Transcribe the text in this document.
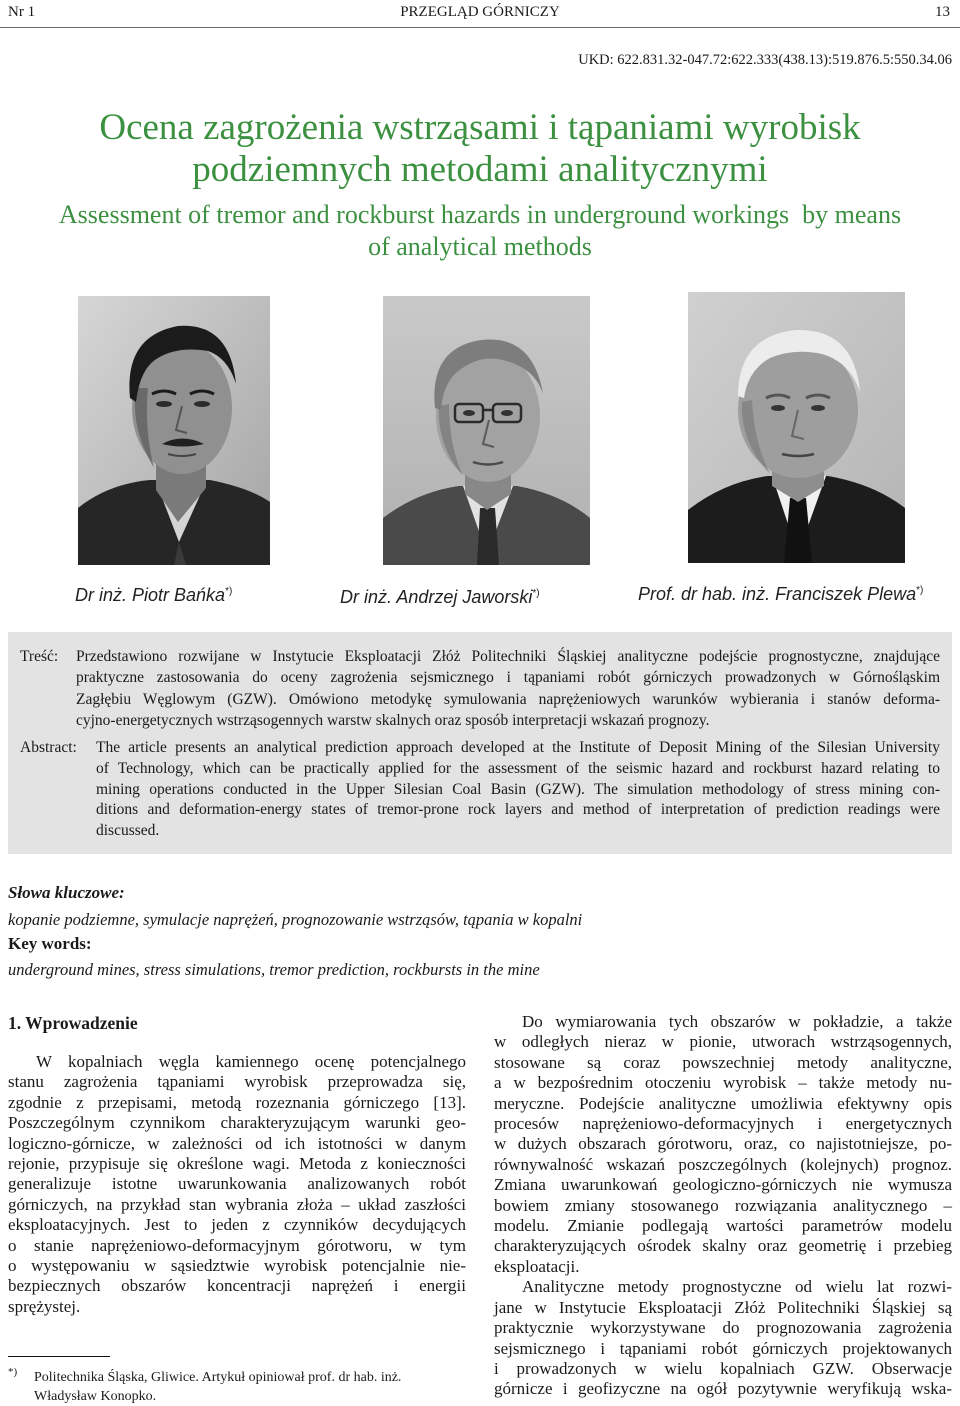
Nr 1	PRZEGLĄD GÓRNICZY	13
UKD: 622.831.32-047.72:622.333(438.13):519.876.5:550.34.06
Ocena zagrożenia wstrząsami i tąpaniami wyrobisk
podziemnych metodami analitycznymi
Assessment of tremor and rockburst hazards in underground workings  by means
of analytical methods
Dr inż. Piotr Bańka*)	Dr inż. Andrzej Jaworski*)	Prof. dr hab. inż. Franciszek Plewa*)
Treść: Przedstawiono rozwijane w Instytucie Eksploatacji Złóż Politechniki Śląskiej analityczne podejście prognostyczne, znajdujące
praktyczne zastosowania do oceny zagrożenia sejsmicznego i tąpaniami robót górniczych prowadzonych w Górnośląskim
Zagłębiu Węglowym (GZW). Omówiono metodykę symulowania naprężeniowych warunków wybierania i stanów deforma-
cyjno-energetycznych wstrząsogennych warstw skalnych oraz sposób interpretacji wskazań prognozy.
Abstract: The article presents an analytical prediction approach developed at the Institute of Deposit Mining of the Silesian University
of Technology, which can be practically applied for the assessment of the seismic hazard and rockburst hazard relating to
mining operations conducted in the Upper Silesian Coal Basin (GZW). The simulation methodology of stress mining con-
ditions and deformation-energy states of tremor-prone rock layers and method of interpretation of prediction readings were
discussed.
Słowa kluczowe:
kopanie podziemne, symulacje naprężeń, prognozowanie wstrząsów, tąpania w kopalni
Key words:
underground mines, stress simulations, tremor prediction, rockbursts in the mine
1. Wprowadzenie
W kopalniach węgla kamiennego ocenę potencjalnego
stanu zagrożenia tąpaniami wyrobisk przeprowadza się,
zgodnie z przepisami, metodą rozeznania górniczego [13].
Poszczególnym czynnikom charakteryzującym warunki geo-
logiczno-górnicze, w zależności od ich istotności w danym
rejonie, przypisuje się określone wagi. Metoda z konieczności
generalizuje istotne uwarunkowania analizowanych robót
górniczych, na przykład stan wybrania złoża – układ zaszłości
eksploatacyjnych. Jest to jeden z czynników decydujących
o stanie naprężeniowo-deformacyjnym górotworu, w tym
o występowaniu w sąsiedztwie wyrobisk potencjalnie nie-
bezpiecznych obszarów koncentracji naprężeń i energii
sprężystej.
Do wymiarowania tych obszarów w pokładzie, a także
w odległych nieraz w pionie, utworach wstrząsogennych,
stosowane są coraz powszechniej metody analityczne,
a w bezpośrednim otoczeniu wyrobisk – także metody nu-
meryczne. Podejście analityczne umożliwia efektywny opis
procesów naprężeniowo-deformacyjnych i energetycznych
w dużych obszarach górotworu, oraz, co najistotniejsze, po-
równywalność wskazań poszczególnych (kolejnych) prognoz.
Zmiana uwarunkowań geologiczno-górniczych nie wymusza
bowiem zmiany stosowanego rozwiązania analitycznego –
modelu. Zmianie podlegają wartości parametrów modelu
charakteryzujących ośrodek skalny oraz geometrię i przebieg
eksploatacji.
Analityczne metody prognostyczne od wielu lat rozwi-
jane w Instytucie Eksploatacji Złóż Politechniki Śląskiej są
praktycznie wykorzystywane do prognozowania zagrożenia
sejsmicznego i tąpaniami robót górniczych projektowanych
i prowadzonych w wielu kopalniach GZW. Obserwacje
górnicze i geofizyczne na ogół pozytywnie weryfikują wska-
*) Politechnika Śląska, Gliwice. Artykuł opiniował prof. dr hab. inż.
Władysław Konopko.
